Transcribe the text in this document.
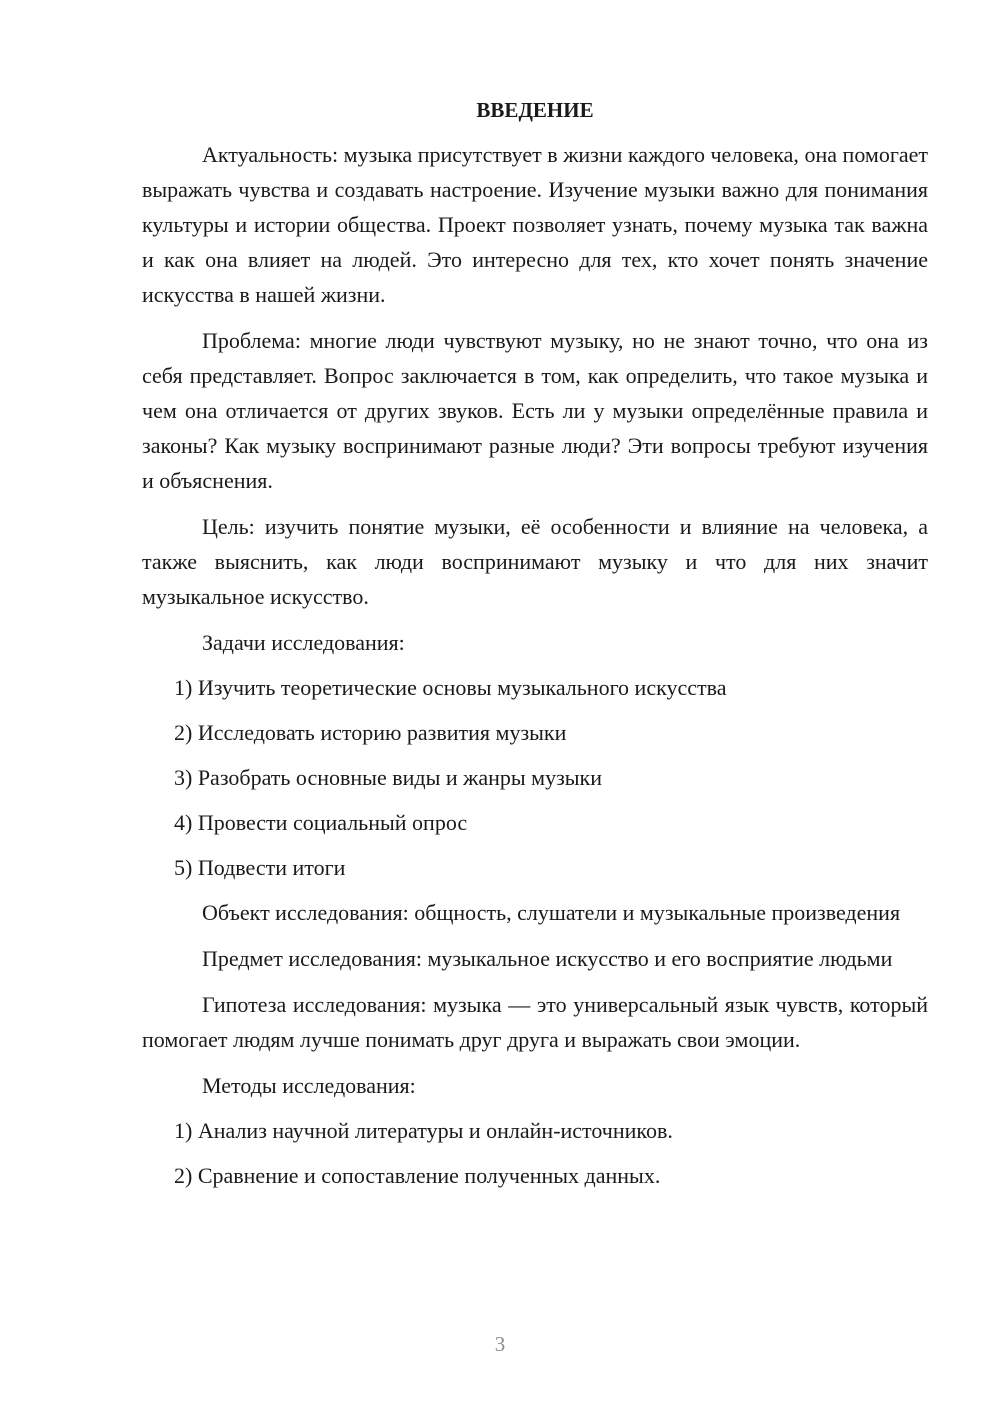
ВВЕДЕНИЕ

Актуальность: музыка присутствует в жизни каждого человека, она помогает выражать чувства и создавать настроение. Изучение музыки важно для понимания культуры и истории общества. Проект позволяет узнать, почему музыка так важна и как она влияет на людей. Это интересно для тех, кто хочет понять значение искусства в нашей жизни.

Проблема: многие люди чувствуют музыку, но не знают точно, что она из себя представляет. Вопрос заключается в том, как определить, что такое музыка и чем она отличается от других звуков. Есть ли у музыки определённые правила и законы? Как музыку воспринимают разные люди? Эти вопросы требуют изучения и объяснения.

Цель: изучить понятие музыки, её особенности и влияние на человека, а также выяснить, как люди воспринимают музыку и что для них значит музыкальное искусство.

Задачи исследования:

1) Изучить теоретические основы музыкального искусства

2) Исследовать историю развития музыки

3) Разобрать основные виды и жанры музыки

4) Провести социальный опрос

5) Подвести итоги

Объект исследования: общность, слушатели и музыкальные произведения

Предмет исследования: музыкальное искусство и его восприятие людьми

Гипотеза исследования: музыка — это универсальный язык чувств, который помогает людям лучше понимать друг друга и выражать свои эмоции.

Методы исследования:

1) Анализ научной литературы и онлайн-источников.

2) Сравнение и сопоставление полученных данных.

3
